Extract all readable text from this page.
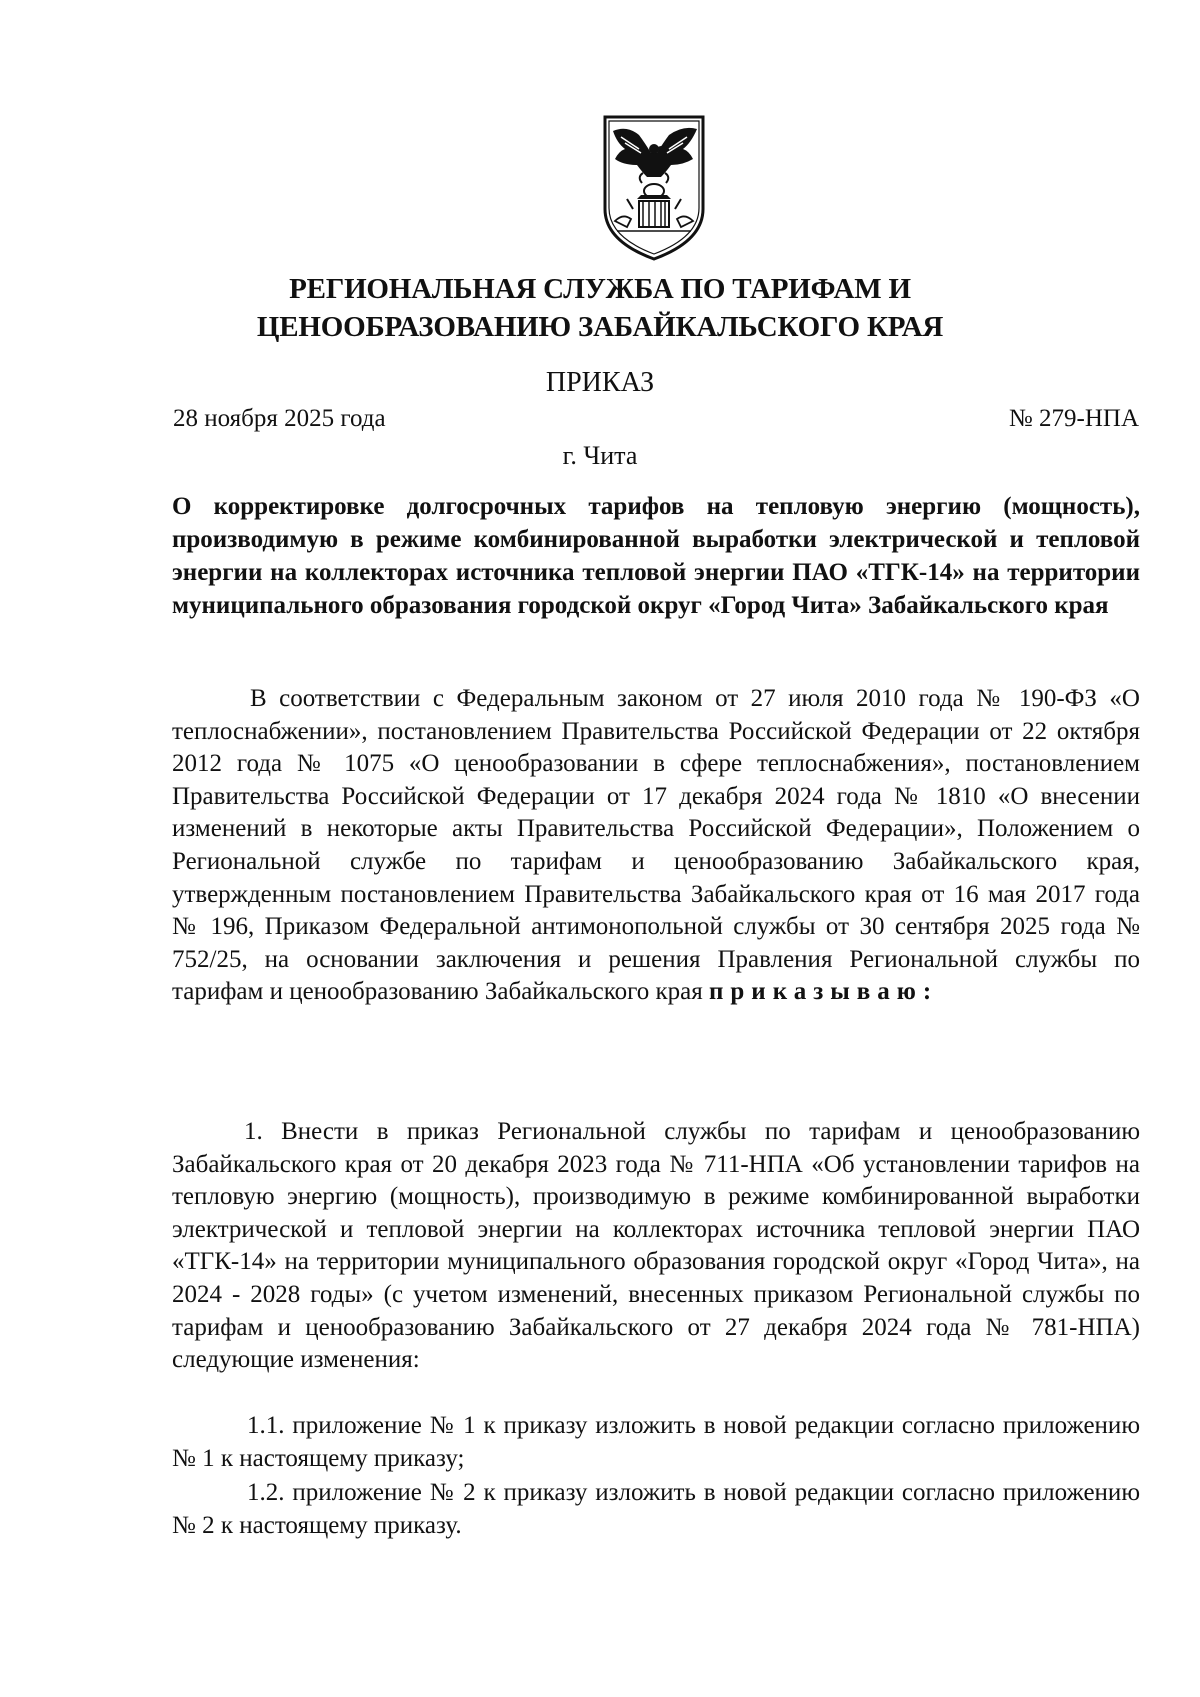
РЕГИОНАЛЬНАЯ СЛУЖБА ПО ТАРИФАМ И
ЦЕНООБРАЗОВАНИЮ ЗАБАЙКАЛЬСКОГО КРАЯ
ПРИКАЗ
28 ноября 2025 года	№ 279-НПА
г. Чита
О корректировке долгосрочных тарифов на тепловую энергию (мощность), производимую в режиме комбинированной выработки электрической и тепловой энергии на коллекторах источника тепловой энергии ПАО «ТГК-14» на территории муниципального образования городской округ «Город Чита» Забайкальского края
В соответствии с Федеральным законом от 27 июля 2010 года № 190-ФЗ «О теплоснабжении», постановлением Правительства Российской Федерации от 22 октября 2012 года № 1075 «О ценообразовании в сфере теплоснабжения», постановлением Правительства Российской Федерации от 17 декабря 2024 года № 1810 «О внесении изменений в некоторые акты Правительства Российской Федерации», Положением о Региональной службе по тарифам и ценообразованию Забайкальского края, утвержденным постановлением Правительства Забайкальского края от 16 мая 2017 года № 196, Приказом Федеральной антимонопольной службы от 30 сентября 2025 года № 752/25, на основании заключения и решения Правления Региональной службы по тарифам и ценообразованию Забайкальского края приказываю:
1. Внести в приказ Региональной службы по тарифам и ценообразованию Забайкальского края от 20 декабря 2023 года № 711-НПА «Об установлении тарифов на тепловую энергию (мощность), производимую в режиме комбинированной выработки электрической и тепловой энергии на коллекторах источника тепловой энергии ПАО «ТГК-14» на территории муниципального образования городской округ «Город Чита», на 2024 - 2028 годы» (с учетом изменений, внесенных приказом Региональной службы по тарифам и ценообразованию Забайкальского от 27 декабря 2024 года № 781-НПА) следующие изменения:
1.1. приложение № 1 к приказу изложить в новой редакции согласно приложению № 1 к настоящему приказу;
1.2. приложение № 2 к приказу изложить в новой редакции согласно приложению № 2 к настоящему приказу.
